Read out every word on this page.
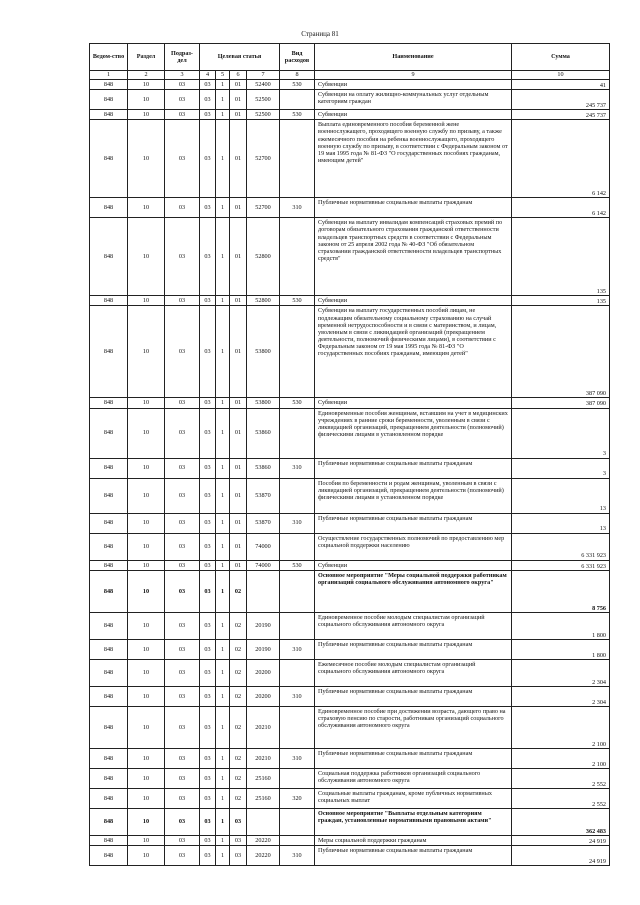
Страница 81
Ведом-ство	Раздел	Подраз-дел	Целевая статья				Вид расходов	Наименование	Сумма
1	2	3	4	5	6	7	8	9	10
848	10	03	03	1	01	52400	530	Субвенции	41
848	10	03	03	1	01	52500		Субвенции на оплату жилищно-коммунальных услуг отдельным категориям граждан	245 737
848	10	03	03	1	01	52500	530	Субвенции	245 737
848	10	03	03	1	01	52700		Выплата единовременного пособия беременной жене военнослужащего, проходящего военную службу по призыву, а также ежемесячного пособия на ребенка военнослужащего, проходящего военную службу по призыву, в соответствии с Федеральным законом от 19 мая 1995 года № 81-ФЗ "О государственных пособиях гражданам, имеющим детей"	6 142
848	10	03	03	1	01	52700	310	Публичные нормативные социальные выплаты гражданам	6 142
848	10	03	03	1	01	52800		Субвенции на выплату инвалидам компенсаций страховых премий по договорам обязательного страхования гражданской ответственности владельцев транспортных средств в соответствии с Федеральным законом от 25 апреля 2002 года № 40-ФЗ "Об обязательном страховании гражданской ответственности владельцев транспортных средств"	135
848	10	03	03	1	01	52800	530	Субвенции	135
848	10	03	03	1	01	53800		Субвенции на выплату государственных пособий лицам, не подлежащим обязательному социальному страхованию на случай временной нетрудоспособности и в связи с материнством, и лицам, уволенным в связи с ликвидацией организаций (прекращением деятельности, полномочий физическими лицами), в соответствии с Федеральным законом от 19 мая 1995 года № 81-ФЗ "О государственных пособиях гражданам, имеющим детей"	387 090
848	10	03	03	1	01	53800	530	Субвенции	387 090
848	10	03	03	1	01	53860		Единовременные пособия женщинам, вставшим на учет в медицинских учреждениях в ранние сроки беременности, уволенным в связи с ликвидацией организаций, прекращением деятельности (полномочий) физическими лицами в установленном порядке	3
848	10	03	03	1	01	53860	310	Публичные нормативные социальные выплаты гражданам	3
848	10	03	03	1	01	53870		Пособия по беременности и родам женщинам, уволенным в связи с ликвидацией организаций, прекращением деятельности (полномочий) физическими лицами в установленном порядке	13
848	10	03	03	1	01	53870	310	Публичные нормативные социальные выплаты гражданам	13
848	10	03	03	1	01	74000		Осуществление государственных полномочий по предоставлению мер социальной поддержки населению	6 331 923
848	10	03	03	1	01	74000	530	Субвенции	6 331 923
848	10	03	03	1	02			Основное мероприятие "Меры социальной поддержки работникам организаций социального обслуживания автономного округа"	8 756
848	10	03	03	1	02	20190		Единовременное пособие молодым специалистам организаций социального обслуживания автономного округа	1 800
848	10	03	03	1	02	20190	310	Публичные нормативные социальные выплаты гражданам	1 800
848	10	03	03	1	02	20200		Ежемесячное пособие молодым специалистам организаций социального обслуживания автономного округа	2 304
848	10	03	03	1	02	20200	310	Публичные нормативные социальные выплаты гражданам	2 304
848	10	03	03	1	02	20210		Единовременное пособие при достижении возраста, дающего право на страховую пенсию по старости, работникам организаций социального обслуживания автономного округа	2 100
848	10	03	03	1	02	20210	310	Публичные нормативные социальные выплаты гражданам	2 100
848	10	03	03	1	02	25160		Социальная поддержка работников организаций социального обслуживания автономного округа	2 552
848	10	03	03	1	02	25160	320	Социальные выплаты гражданам, кроме публичных нормативных социальных выплат	2 552
848	10	03	03	1	03			Основное мероприятие "Выплаты отдельным категориям граждан, установленные нормативными правовыми актами"	362 483
848	10	03	03	1	03	20220		Меры социальной поддержки гражданам	24 919
848	10	03	03	1	03	20220	310	Публичные нормативные социальные выплаты гражданам	24 919
